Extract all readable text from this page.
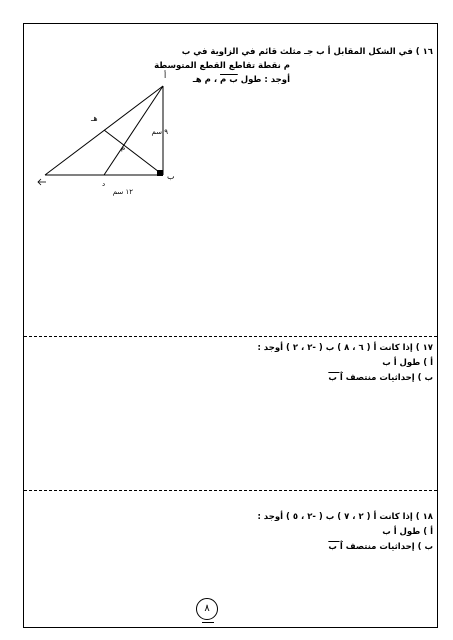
١٦ ) في الشكل المقابل أ ب جـ مثلث قائم في الزاوية في ب
م نقطة تقاطع القطع المتوسطة
أوجد : طول ب م ، م هـ
أ
ب
هـ
م
د
٩ سم
١٢ سم
١٧ ) إذا كانت أ ( ٦ ، ٨ ) ب ( -٢ ، ٢ ) أوجد :
أ ) طول أ ب
ب ) إحداثيات منتصف أ ب
١٨ ) إذا كانت أ ( ٢ ، ٧ ) ب ( -٢ ، ٥ ) أوجد :
أ ) طول أ ب
ب ) إحداثيات منتصف أ ب
٨
